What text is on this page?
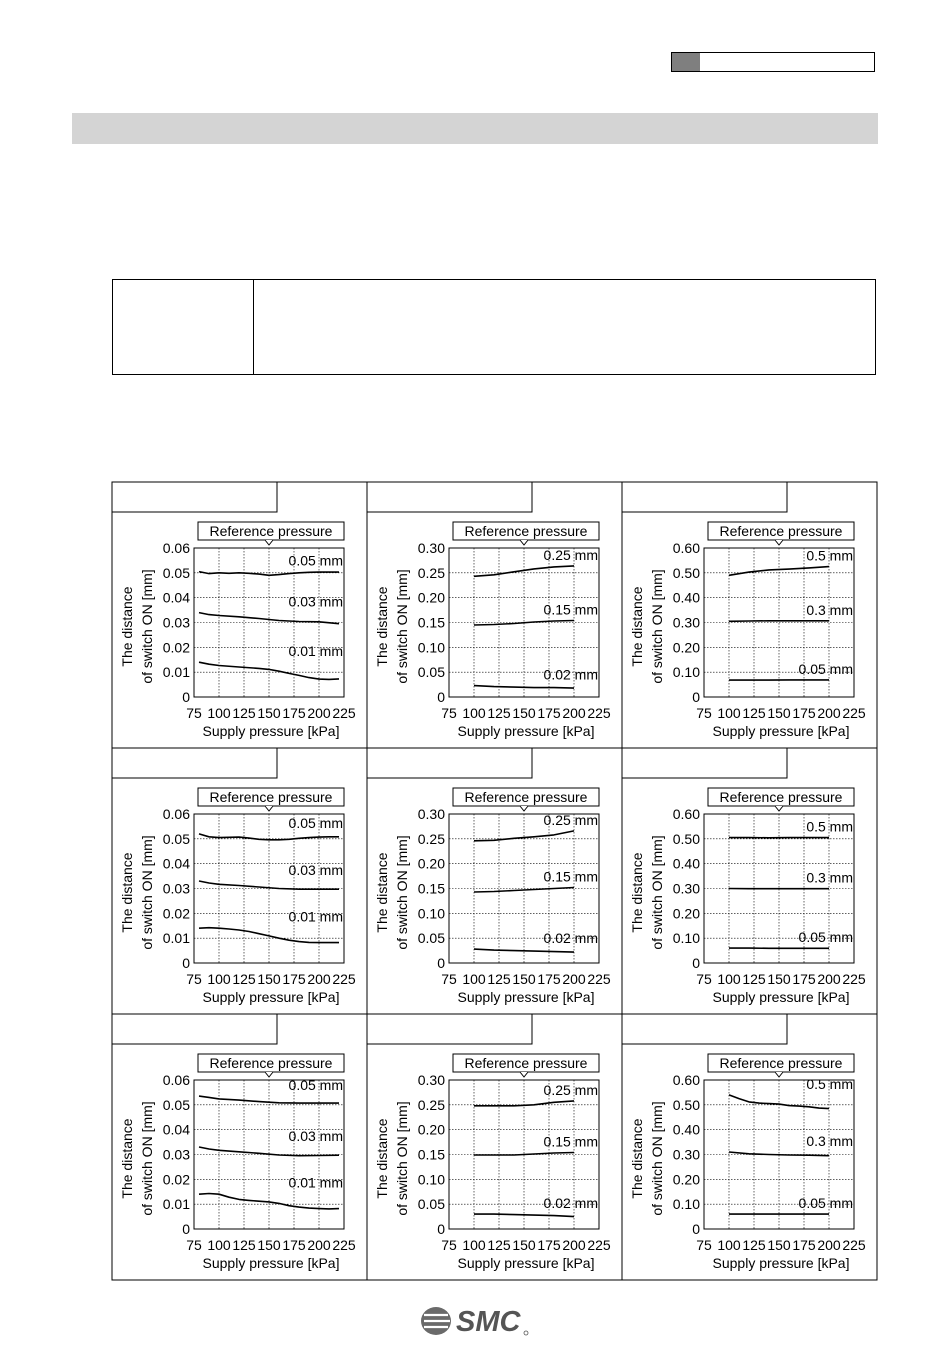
Reference pressure
0
0.01
0.02
0.03
0.04
0.05
0.06
75 100 125 150 175 200 225
Supply pressure [kPa]
The distance of switch ON [mm]
0.05 mm
0.03 mm
0.01 mm
Reference pressure
0
0.05
0.10
0.15
0.20
0.25
0.30
75 100 125 150 175 200 225
Supply pressure [kPa]
The distance of switch ON [mm]
0.25 mm
0.15 mm
0.02 mm
Reference pressure
0
0.10
0.20
0.30
0.40
0.50
0.60
75 100 125 150 175 200 225
Supply pressure [kPa]
The distance of switch ON [mm]
0.5 mm
0.3 mm
0.05 mm
Reference pressure
0
0.01
0.02
0.03
0.04
0.05
0.06
75 100 125 150 175 200 225
Supply pressure [kPa]
The distance of switch ON [mm]
0.05 mm
0.03 mm
0.01 mm
Reference pressure
0
0.05
0.10
0.15
0.20
0.25
0.30
75 100 125 150 175 200 225
Supply pressure [kPa]
The distance of switch ON [mm]
0.25 mm
0.15 mm
0.02 mm
Reference pressure
0
0.10
0.20
0.30
0.40
0.50
0.60
75 100 125 150 175 200 225
Supply pressure [kPa]
The distance of switch ON [mm]
0.5 mm
0.3 mm
0.05 mm
Reference pressure
0
0.01
0.02
0.03
0.04
0.05
0.06
75 100 125 150 175 200 225
Supply pressure [kPa]
The distance of switch ON [mm]
0.05 mm
0.03 mm
0.01 mm
Reference pressure
0
0.05
0.10
0.15
0.20
0.25
0.30
75 100 125 150 175 200 225
Supply pressure [kPa]
The distance of switch ON [mm]
0.25 mm
0.15 mm
0.02 mm
Reference pressure
0
0.10
0.20
0.30
0.40
0.50
0.60
75 100 125 150 175 200 225
Supply pressure [kPa]
The distance of switch ON [mm]
0.5 mm
0.3 mm
0.05 mm
SMC
